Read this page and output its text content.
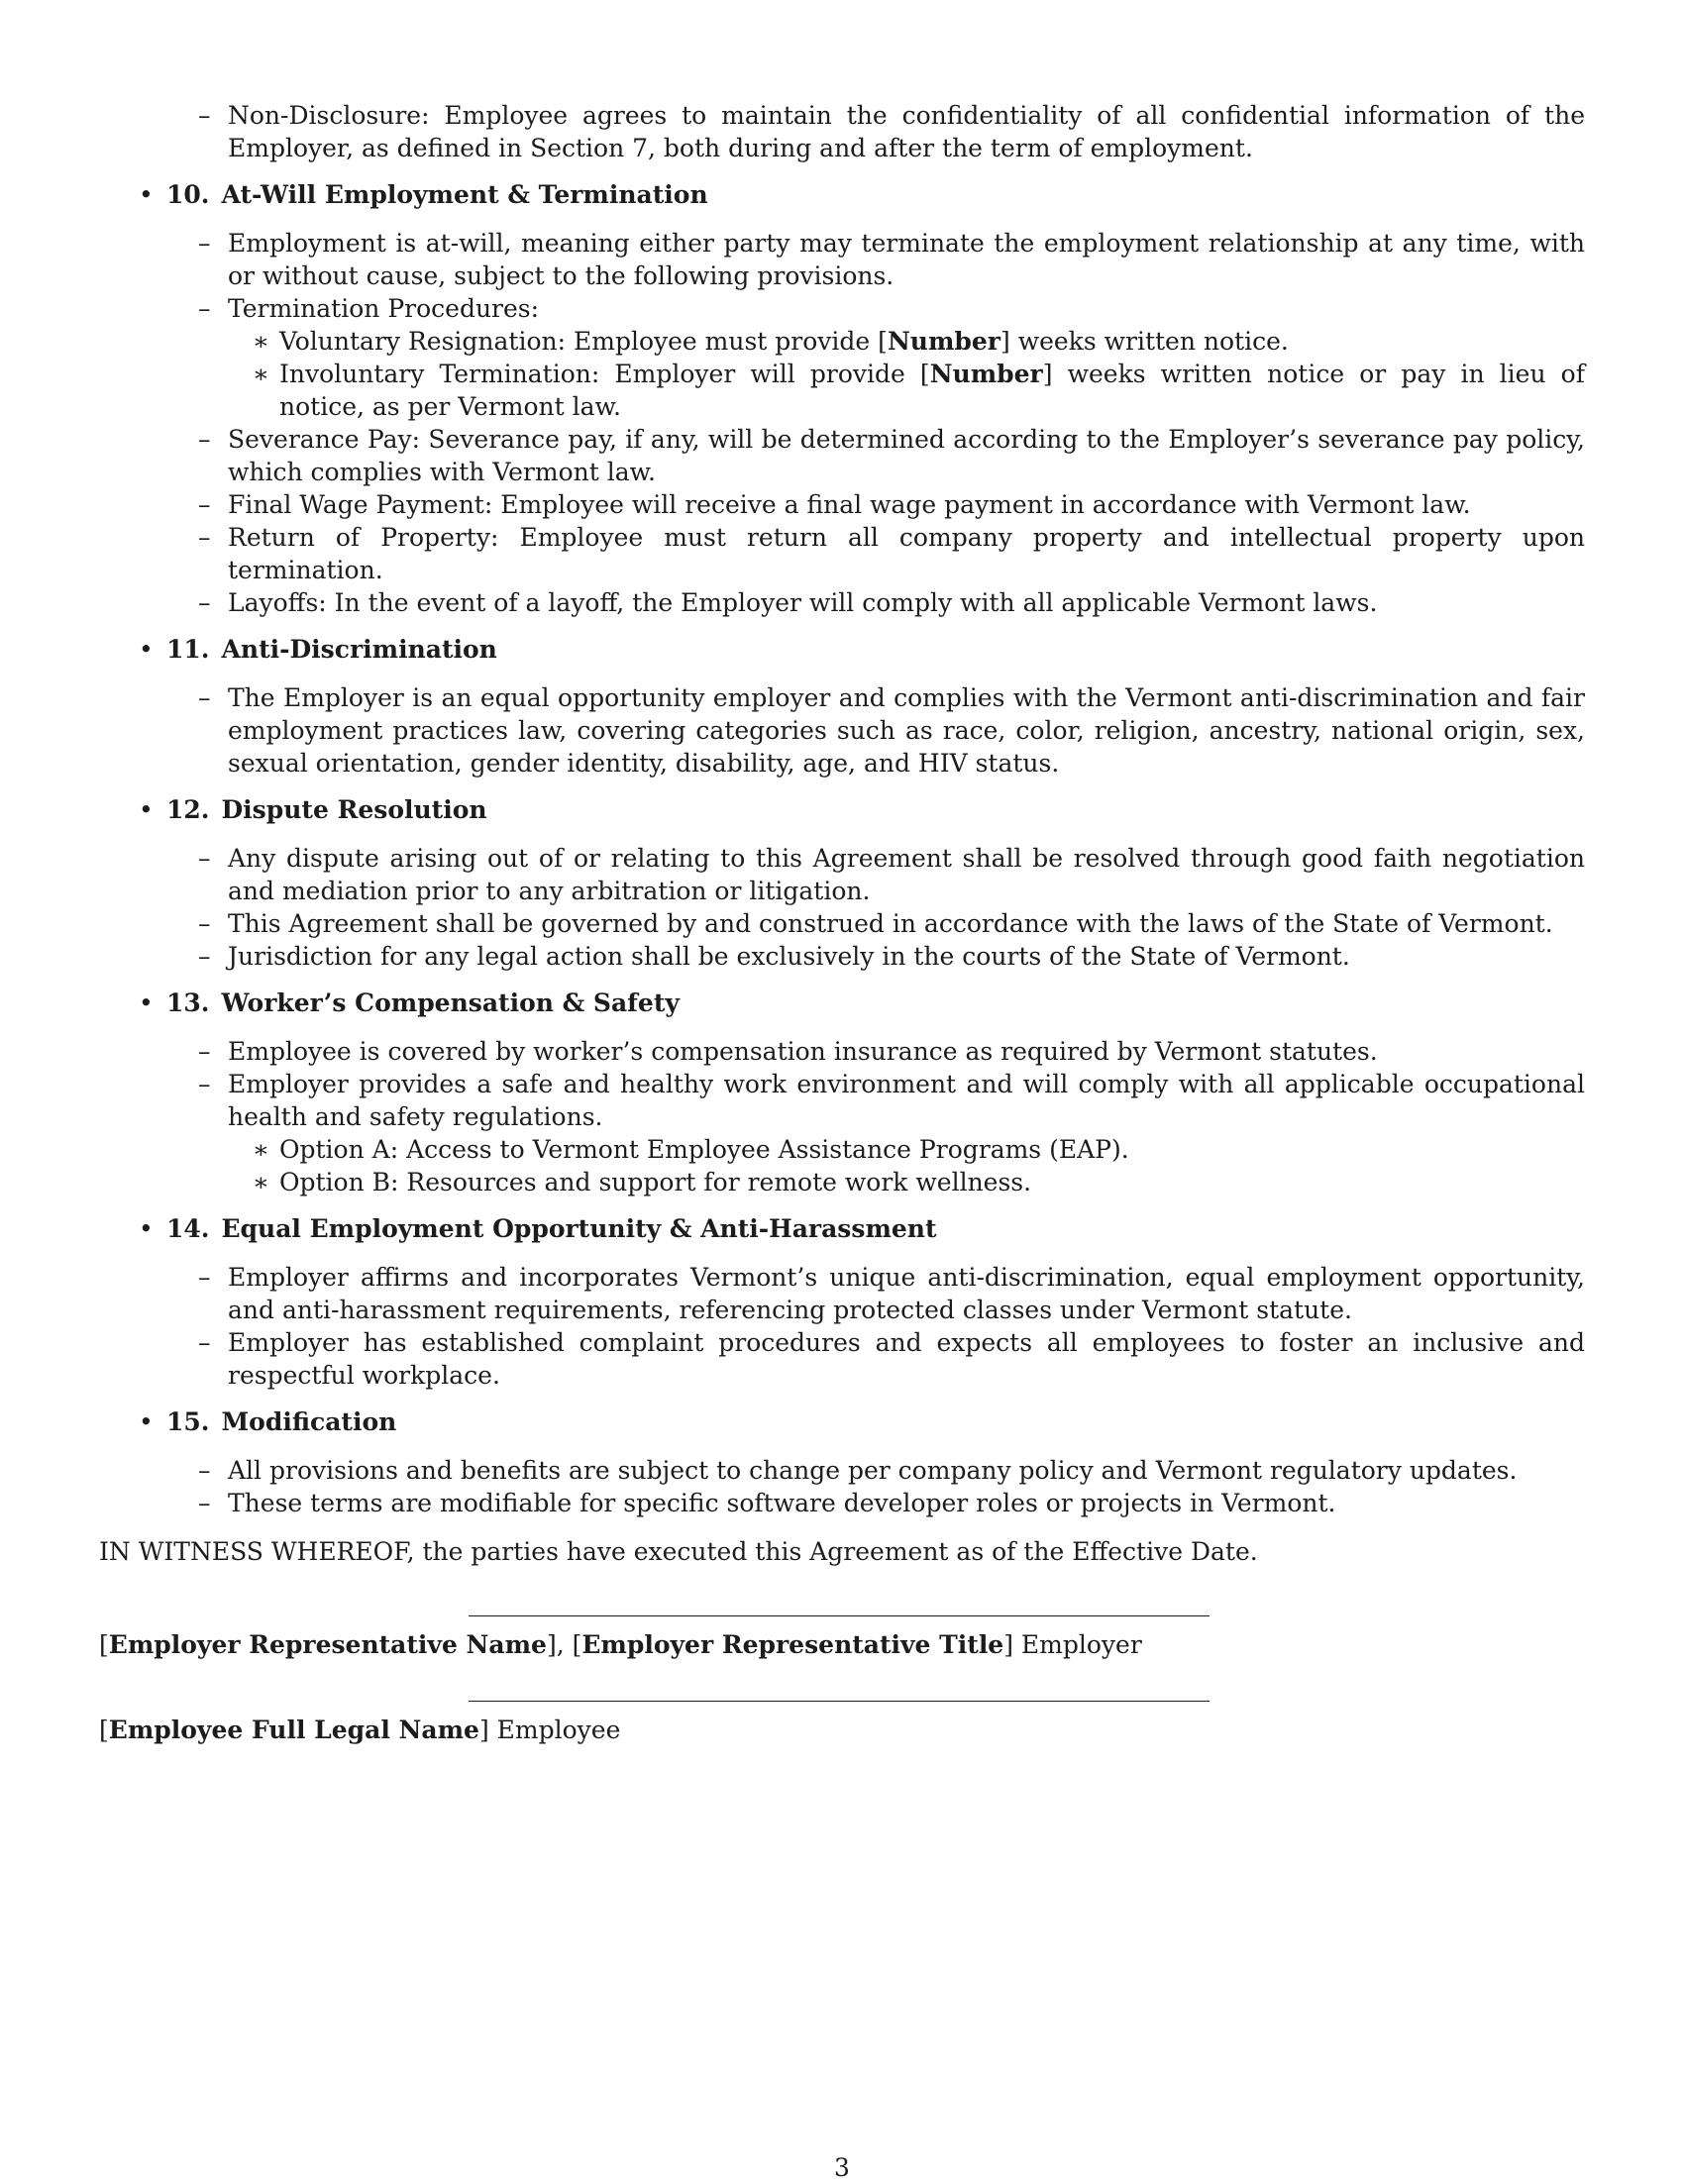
– Non-Disclosure: Employee agrees to maintain the confidentiality of all confidential information of the Employer, as defined in Section 7, both during and after the term of employment.
• 10. At-Will Employment & Termination
– Employment is at-will, meaning either party may terminate the employment relationship at any time, with or without cause, subject to the following provisions.
– Termination Procedures:
∗ Voluntary Resignation: Employee must provide [Number] weeks written notice.
∗ Involuntary Termination: Employer will provide [Number] weeks written notice or pay in lieu of notice, as per Vermont law.
– Severance Pay: Severance pay, if any, will be determined according to the Employer’s severance pay policy, which complies with Vermont law.
– Final Wage Payment: Employee will receive a final wage payment in accordance with Vermont law.
– Return of Property: Employee must return all company property and intellectual property upon termination.
– Layoffs: In the event of a layoff, the Employer will comply with all applicable Vermont laws.
• 11. Anti-Discrimination
– The Employer is an equal opportunity employer and complies with the Vermont anti-discrimination and fair employment practices law, covering categories such as race, color, religion, ancestry, national origin, sex, sexual orientation, gender identity, disability, age, and HIV status.
• 12. Dispute Resolution
– Any dispute arising out of or relating to this Agreement shall be resolved through good faith negotiation and mediation prior to any arbitration or litigation.
– This Agreement shall be governed by and construed in accordance with the laws of the State of Vermont.
– Jurisdiction for any legal action shall be exclusively in the courts of the State of Vermont.
• 13. Worker’s Compensation & Safety
– Employee is covered by worker’s compensation insurance as required by Vermont statutes.
– Employer provides a safe and healthy work environment and will comply with all applicable occupational health and safety regulations.
∗ Option A: Access to Vermont Employee Assistance Programs (EAP).
∗ Option B: Resources and support for remote work wellness.
• 14. Equal Employment Opportunity & Anti-Harassment
– Employer affirms and incorporates Vermont’s unique anti-discrimination, equal employment opportunity, and anti-harassment requirements, referencing protected classes under Vermont statute.
– Employer has established complaint procedures and expects all employees to foster an inclusive and respectful workplace.
• 15. Modification
– All provisions and benefits are subject to change per company policy and Vermont regulatory updates.
– These terms are modifiable for specific software developer roles or projects in Vermont.

IN WITNESS WHEREOF, the parties have executed this Agreement as of the Effective Date.

[Employer Representative Name], [Employer Representative Title] Employer

[Employee Full Legal Name] Employee

3
